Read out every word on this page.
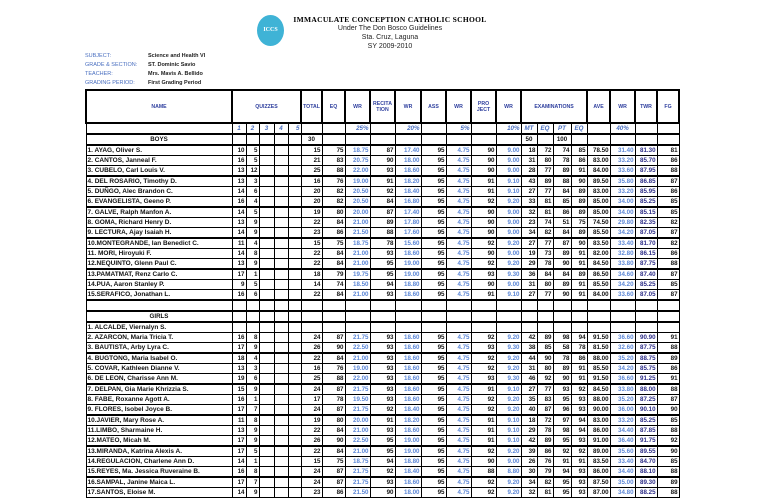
ICCS
IMMACULATE CONCEPTION CATHOLIC SCHOOL
Under The Don Bosco Guidelines
Sta. Cruz, Laguna
SY 2009-2010
SUBJECT:	Science and Health VI
GRADE & SECTION: ST. Dominic Savio
TEACHER:	Mrs. Mavis A. Bellido
GRADING PERIOD: First Grading Period
NAME	QUIZZES					TOTAL	EQ	WR	RECITA TION	WR	ASS	WR	PRO JECT	WR	EXAMINATIONS				AVE	WR	TWR	FG
	1	2	3	4	5			25%		20%		5%		10%	MT	EQ	PT	EQ		40%		
BOYS						30									50		100					
1. AYAG, Oliver S.	10	5				15	75	18.75	87	17.40	95	4.75	90	9.00	18	72	74	85	78.50	31.40	81.30	81
2. CANTOS, Janneal F.	16	5				21	83	20.75	90	18.00	95	4.75	90	9.00	31	80	78	86	83.00	33.20	85.70	86
3. CUBELO, Carl Louis V.	13	12				25	88	22.00	93	18.60	95	4.75	90	9.00	28	77	89	91	84.00	33.60	87.95	88
4. DEL ROSARIO, Timothy D.	13	3				16	76	19.00	91	18.20	95	4.75	91	9.10	43	89	88	90	89.50	35.80	86.85	87
5. DUÑGO, Alec Brandon C.	14	6				20	82	20.50	92	18.40	95	4.75	91	9.10	27	77	84	89	83.00	33.20	85.95	86
6. EVANGELISTA, Geeno P.	16	4				20	82	20.50	84	16.80	95	4.75	92	9.20	33	81	85	89	85.00	34.00	85.25	85
7. GALVE, Ralph Manfon A.	14	5				19	80	20.00	87	17.40	95	4.75	90	9.00	32	81	86	89	85.00	34.00	85.15	85
8. GOMA, Richard Henry D.	13	9				22	84	21.00	89	17.80	95	4.75	90	9.00	23	74	51	75	74.50	29.80	82.35	82
9. LECTURA, Ajay Isaiah H.	14	9				23	86	21.50	88	17.60	95	4.75	90	9.00	34	82	84	89	85.50	34.20	87.05	87
10.MONTEGRANDE, Ian Benedict C.	11	4				15	75	18.75	78	15.60	95	4.75	92	9.20	27	77	87	90	83.50	33.40	81.70	82
11. MORI, Hiroyuki F.	14	8				22	84	21.00	93	18.60	95	4.75	90	9.00	19	73	89	91	82.00	32.80	86.15	86
12.NEQUINTO, Glenn Paul C.	13	9				22	84	21.00	95	19.00	95	4.75	92	9.20	29	78	90	91	84.50	33.80	87.75	88
13.PAMATMAT, Renz Carlo C.	17	1				18	79	19.75	95	19.00	95	4.75	93	9.30	36	84	84	89	86.50	34.60	87.40	87
14.PUA, Aaron Stanley P.	9	5				14	74	18.50	94	18.80	95	4.75	90	9.00	31	80	89	91	85.50	34.20	85.25	85
15.SERAFICO, Jonathan L.	16	6				22	84	21.00	93	18.60	95	4.75	91	9.10	27	77	90	91	84.00	33.60	87.05	87

GIRLS																						
1. ALCALDE, Viernalyn S.																						
2. AZARCON, Maria Tricia T.	16	8				24	87	21.75	93	18.60	95	4.75	92	9.20	42	89	98	94	91.50	36.60	90.90	91
3. BAUTISTA, Arby Lyra C.	17	9				26	90	22.50	93	18.60	95	4.75	93	9.30	38	85	58	78	81.50	32.60	87.75	88
4. BUGTONG, Maria Isabel O.	18	4				22	84	21.00	93	18.60	95	4.75	92	9.20	44	90	78	86	88.00	35.20	88.75	89
5. COVAR, Kathleen Dianne V.	13	3				16	76	19.00	93	18.60	95	4.75	92	9.20	31	80	89	91	85.50	34.20	85.75	86
6. DE LEON, Charisse Ann M.	19	6				25	88	22.00	93	18.60	95	4.75	93	9.30	46	92	90	91	91.50	36.60	91.25	91
7. DELPAN, Gia Marie Khrizzia S.	15	9				24	87	21.75	93	18.60	95	4.75	91	9.10	27	77	93	92	84.50	33.80	88.00	88
8. FABE, Roxanne Agott A.	16	1				17	78	19.50	93	18.60	95	4.75	92	9.20	35	83	95	93	88.00	35.20	87.25	87
9. FLORES, Isobel Joyce B.	17	7				24	87	21.75	92	18.40	95	4.75	92	9.20	40	87	96	93	90.00	36.00	90.10	90
10.JAVIER, Mary Rose A.	11	8				19	80	20.00	91	18.20	95	4.75	91	9.10	18	72	97	94	83.00	33.20	85.25	85
11.LIMBO, Sharmaine H.	13	9				22	84	21.00	93	18.60	95	4.75	91	9.10	29	78	98	94	86.00	34.40	87.85	88
12.MATEO, Micah M.	17	9				26	90	22.50	95	19.00	95	4.75	91	9.10	42	89	95	93	91.00	36.40	91.75	92
13.MIRANDA, Katrina Alexis A.	17	5				22	84	21.00	95	19.00	95	4.75	92	9.20	39	86	92	92	89.00	35.60	89.55	90
14.REGULACION, Charlene Ann D.	14	1				15	75	18.75	94	18.80	95	4.75	90	9.00	26	76	91	91	83.50	33.40	84.70	85
15.REYES, Ma. Jessica Ruveraine B.	16	8				24	87	21.75	92	18.40	95	4.75	88	8.80	30	79	94	93	86.00	34.40	88.10	88
16.SAMPAL, Janine Maica L.	17	7				24	87	21.75	93	18.60	95	4.75	92	9.20	34	82	95	93	87.50	35.00	89.30	89
17.SANTOS, Eloise M.	14	9				23	86	21.50	90	18.00	95	4.75	92	9.20	32	81	95	93	87.00	34.80	88.25	88
